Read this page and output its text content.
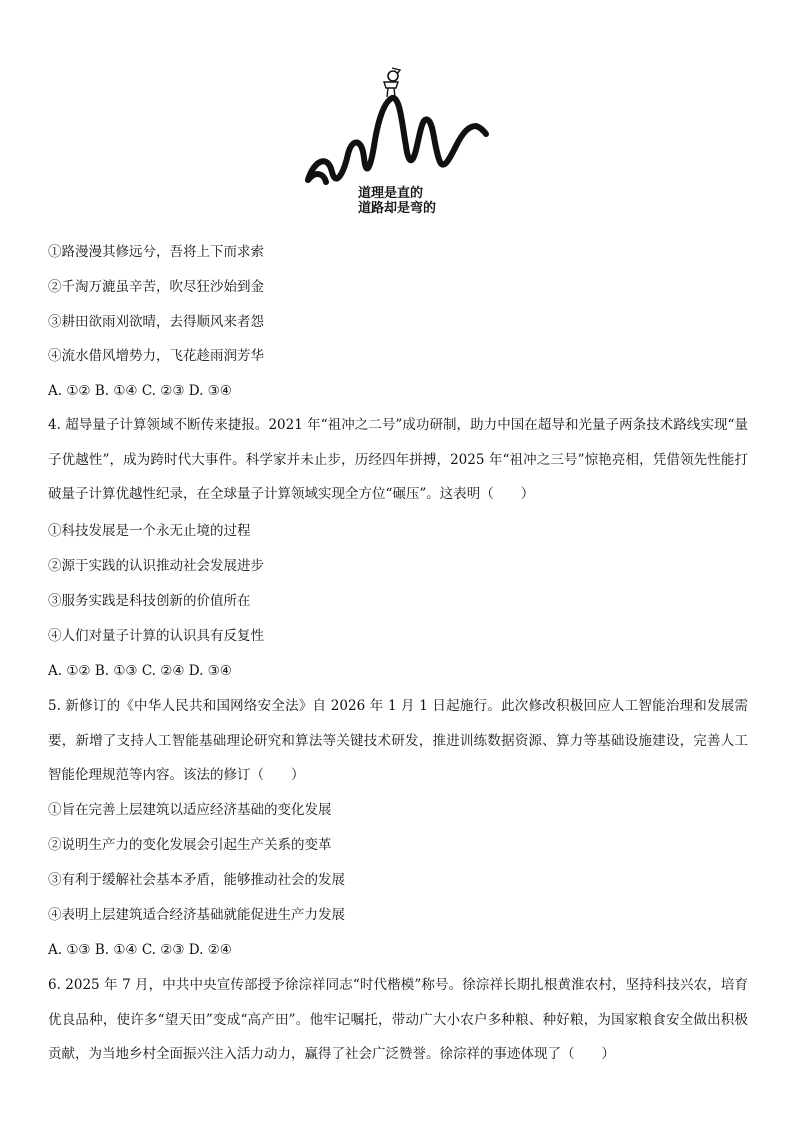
道理是直的
道路却是弯的
①路漫漫其修远兮，吾将上下而求索
②千淘万漉虽辛苦，吹尽狂沙始到金
③耕田欲雨刈欲晴，去得顺风来者怨
④流水借风增势力，飞花趁雨润芳华
A. ①② B. ①④ C. ②③ D. ③④
4. 超导量子计算领域不断传来捷报。2021 年“祖冲之二号”成功研制，助力中国在超导和光量子两条技术路线实现“量子优越性”，成为跨时代大事件。科学家并未止步，历经四年拼搏，2025 年“祖冲之三号”惊艳亮相，凭借领先性能打破量子计算优越性纪录，在全球量子计算领域实现全方位“碾压”。这表明（　　）
①科技发展是一个永无止境的过程
②源于实践的认识推动社会发展进步
③服务实践是科技创新的价值所在
④人们对量子计算的认识具有反复性
A. ①② B. ①③ C. ②④ D. ③④
5. 新修订的《中华人民共和国网络安全法》自 2026 年 1 月 1 日起施行。此次修改积极回应人工智能治理和发展需要，新增了支持人工智能基础理论研究和算法等关键技术研发，推进训练数据资源、算力等基础设施建设，完善人工智能伦理规范等内容。该法的修订（　　）
①旨在完善上层建筑以适应经济基础的变化发展
②说明生产力的变化发展会引起生产关系的变革
③有利于缓解社会基本矛盾，能够推动社会的发展
④表明上层建筑适合经济基础就能促进生产力发展
A. ①③ B. ①④ C. ②③ D. ②④
6. 2025 年 7 月，中共中央宣传部授予徐淙祥同志“时代楷模”称号。徐淙祥长期扎根黄淮农村，坚持科技兴农，培育优良品种，使许多“望天田”变成“高产田”。他牢记嘱托，带动广大小农户多种粮、种好粮，为国家粮食安全做出积极贡献，为当地乡村全面振兴注入活力动力，赢得了社会广泛赞誉。徐淙祥的事迹体现了（　　）
